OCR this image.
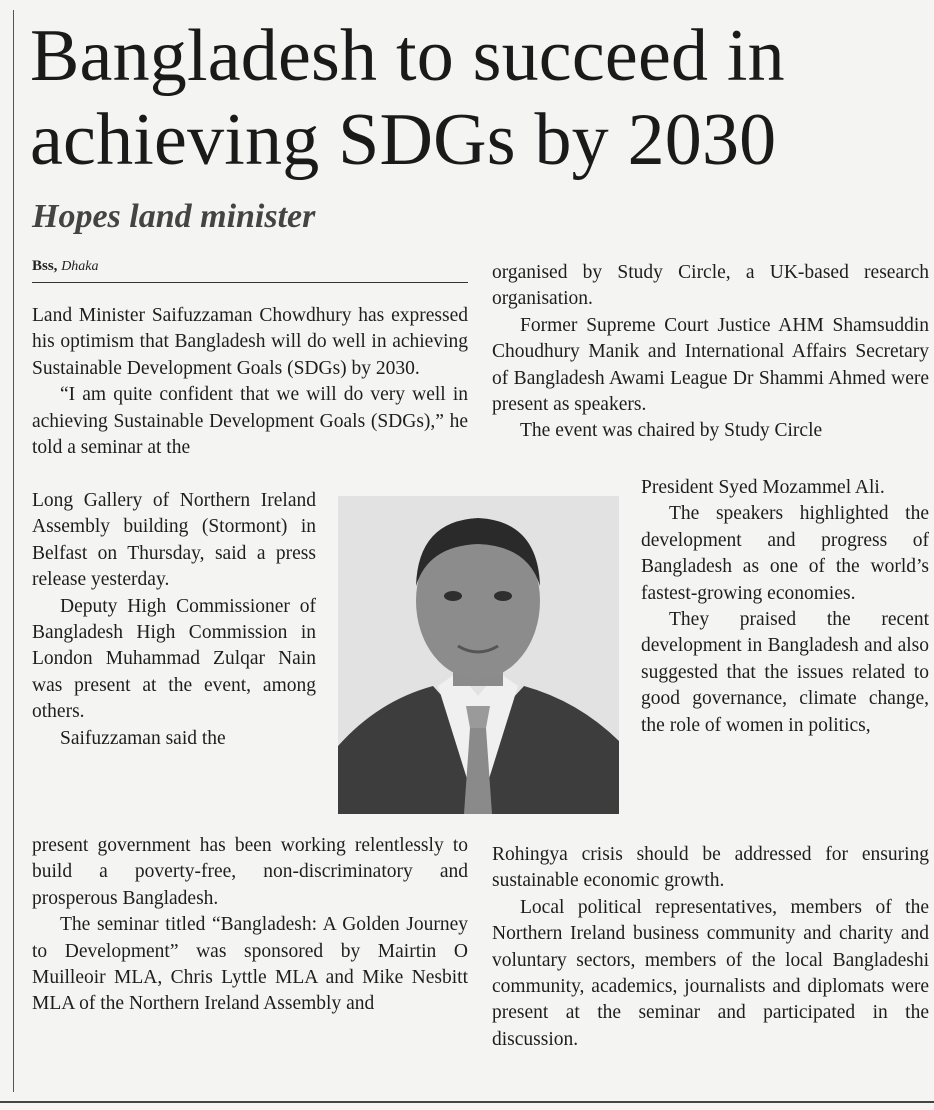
Bangladesh to succeed in
achieving SDGs by 2030
Hopes land minister
Bss, Dhaka

Land Minister Saifuzzaman Chowdhury has expressed his optimism that Bangladesh will do well in achieving Sustainable Development Goals (SDGs) by 2030.

“I am quite confident that we will do very well in achieving Sustainable Development Goals (SDGs),” he told a seminar at the

Long Gallery of Northern Ireland Assembly building (Stormont) in Belfast on Thursday, said a press release yesterday.

Deputy High Commissioner of Bangladesh High Commission in London Muhammad Zulqar Nain was present at the event, among others.

Saifuzzaman said the

present government has been working relentlessly to build a poverty-free, non-discriminatory and prosperous Bangladesh.

The seminar titled “Bangladesh: A Golden Journey to Development” was sponsored by Mairtin O Muilleoir MLA, Chris Lyttle MLA and Mike Nesbitt MLA of the Northern Ireland Assembly and

organised by Study Circle, a UK-based research organisation.

Former Supreme Court Justice AHM Shamsuddin Choudhury Manik and International Affairs Secretary of Bangladesh Awami League Dr Shammi Ahmed were present as speakers.

The event was chaired by Study Circle

President Syed Mozammel Ali.

The speakers highlighted the development and progress of Bangladesh as one of the world’s fastest-growing economies.

They praised the recent development in Bangladesh and also suggested that the issues related to good governance, climate change, the role of women in politics,

Rohingya crisis should be addressed for ensuring sustainable economic growth.

Local political representatives, members of the Northern Ireland business community and charity and voluntary sectors, members of the local Bangladeshi community, academics, journalists and diplomats were present at the seminar and participated in the discussion.
